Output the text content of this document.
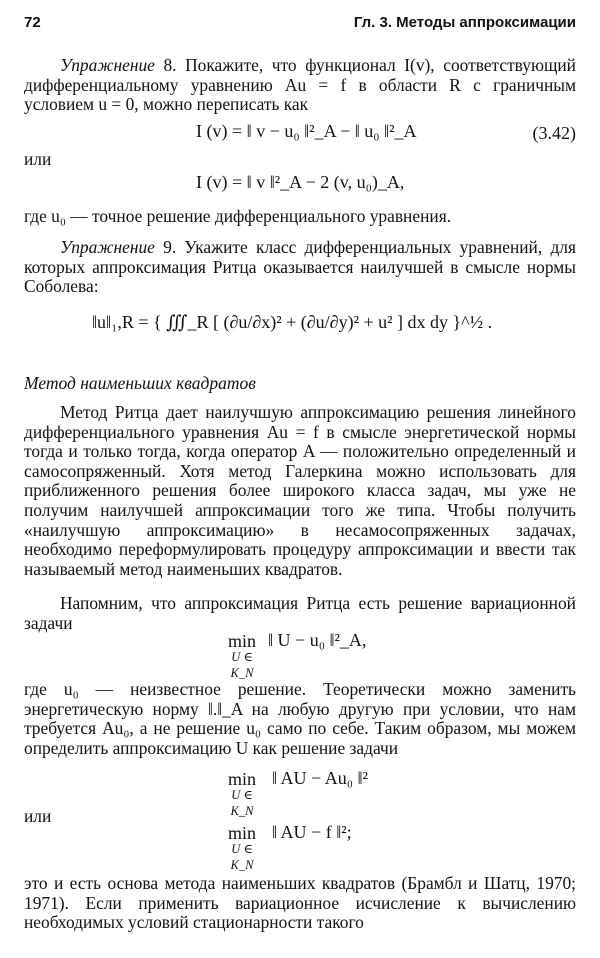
72	Гл. 3. Методы аппроксимации
Упражнение 8. Покажите, что функционал I(v), соответствующий дифференциальному уравнению Au = f в области R с граничным условием u = 0, можно переписать как
I (v) = ‖ v − u₀ ‖²_A − ‖ u₀ ‖²_A	(3.42)
или
I (v) = ‖ v ‖²_A − 2 (v, u₀)_A,
где u₀ — точное решение дифференциального уравнения.
Упражнение 9. Укажите класс дифференциальных уравнений, для которых аппроксимация Ритца оказывается наилучшей в смысле нормы Соболева:
‖u‖₁,R = { ∭_R [ (∂u/∂x)² + (∂u/∂y)² + u² ] dx dy }^½ .
Метод наименьших квадратов
Метод Ритца дает наилучшую аппроксимацию решения линейного дифференциального уравнения Au = f в смысле энергетической нормы тогда и только тогда, когда оператор A — положительно определенный и самосопряженный. Хотя метод Галеркина можно использовать для приближенного решения более широкого класса задач, мы уже не получим наилучшей аппроксимации того же типа. Чтобы получить «наилучшую аппроксимацию» в несамосопряженных задачах, необходимо переформулировать процедуру аппроксимации и ввести так называемый метод наименьших квадратов.
Напомним, что аппроксимация Ритца есть решение вариационной задачи
min
U ∈ K_N
‖ U − u₀ ‖²_A,
где u₀ — неизвестное решение. Теоретически можно заменить энергетическую норму ‖.‖_A на любую другую при условии, что нам требуется Au₀, а не решение u₀ само по себе. Таким образом, мы можем определить аппроксимацию U как решение задачи
min
U ∈ K_N
‖ AU − Au₀ ‖²
или
min
U ∈ K_N
‖ AU − f ‖²;
это и есть основа метода наименьших квадратов (Брамбл и Шатц, 1970; 1971). Если применить вариационное исчисление к вычислению необходимых условий стационарности такого
